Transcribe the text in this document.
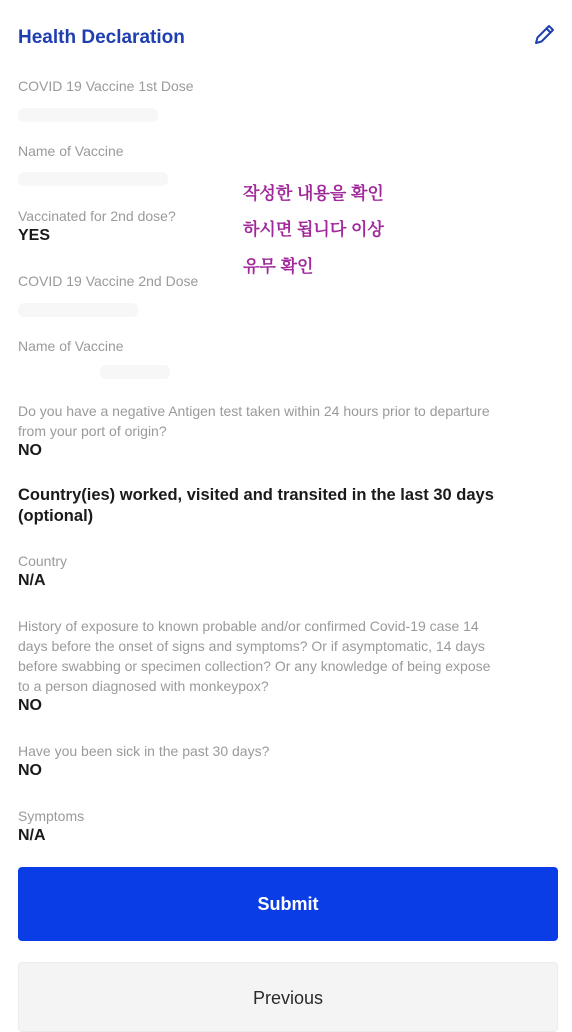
Health Declaration
COVID 19 Vaccine 1st Dose
Name of Vaccine
Vaccinated for 2nd dose?
YES
COVID 19 Vaccine 2nd Dose
Name of Vaccine
작성한 내용을 확인
하시면 됩니다 이상
유무 확인
Do you have a negative Antigen test taken within 24 hours prior to departure
from your port of origin?
NO
Country(ies) worked, visited and transited in the last 30 days
(optional)
Country
N/A
History of exposure to known probable and/or confirmed Covid-19 case 14
days before the onset of signs and symptoms? Or if asymptomatic, 14 days
before swabbing or specimen collection? Or any knowledge of being expose
to a person diagnosed with monkeypox?
NO
Have you been sick in the past 30 days?
NO
Symptoms
N/A
Submit
Previous
